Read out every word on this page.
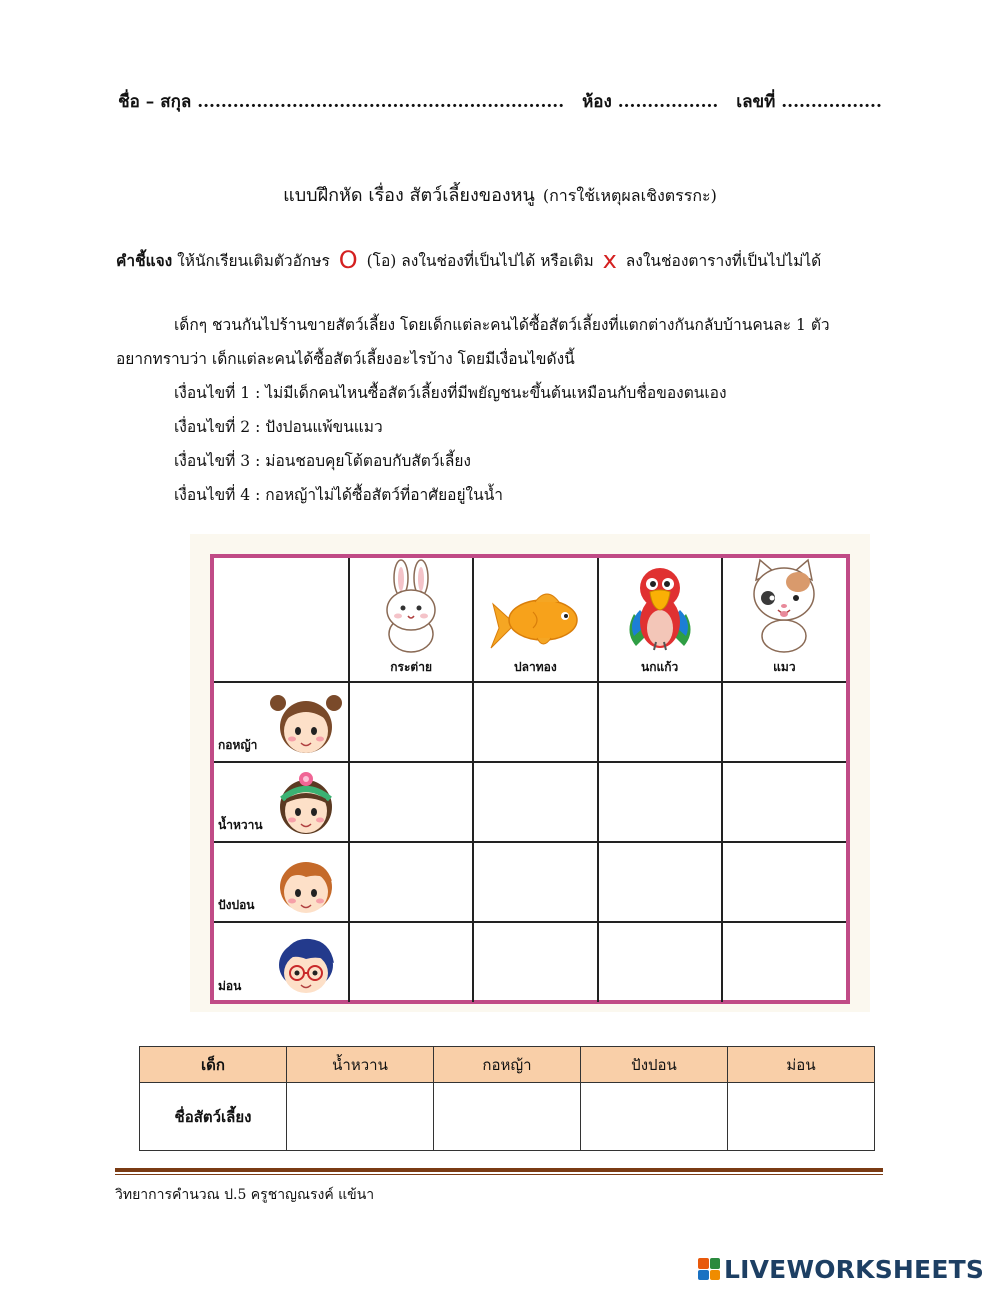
ชื่อ – สกุล .............................................................. ห้อง ................. เลขที่ .................
แบบฝึกหัด เรื่อง สัตว์เลี้ยงของหนู (การใช้เหตุผลเชิงตรรกะ)
คำชี้แจง ให้นักเรียนเติมตัวอักษร O (โอ) ลงในช่องที่เป็นไปได้ หรือเติม x ลงในช่องตารางที่เป็นไปไม่ได้

เด็กๆ ชวนกันไปร้านขายสัตว์เลี้ยง โดยเด็กแต่ละคนได้ซื้อสัตว์เลี้ยงที่แตกต่างกันกลับบ้านคนละ 1 ตัว

อยากทราบว่า เด็กแต่ละคนได้ซื้อสัตว์เลี้ยงอะไรบ้าง โดยมีเงื่อนไขดังนี้

เงื่อนไขที่ 1 : ไม่มีเด็กคนไหนซื้อสัตว์เลี้ยงที่มีพยัญชนะขึ้นต้นเหมือนกับชื่อของตนเอง

เงื่อนไขที่ 2 : ปังปอนแพ้ขนแมว

เงื่อนไขที่ 3 : ม่อนชอบคุยโต้ตอบกับสัตว์เลี้ยง

เงื่อนไขที่ 4 : กอหญ้าไม่ได้ซื้อสัตว์ที่อาศัยอยู่ในน้ำ

กระต่าย	ปลาทอง	นกแก้ว	แมว

กอหญ้า				

น้ำหวาน				

ปังปอน				

ม่อน				

เด็ก	น้ำหวาน	กอหญ้า	ปังปอน	ม่อน
ชื่อสัตว์เลี้ยง				
วิทยาการคำนวณ ป.5 ครูชาญณรงค์ แข้นา
LIVEWORKSHEETS
